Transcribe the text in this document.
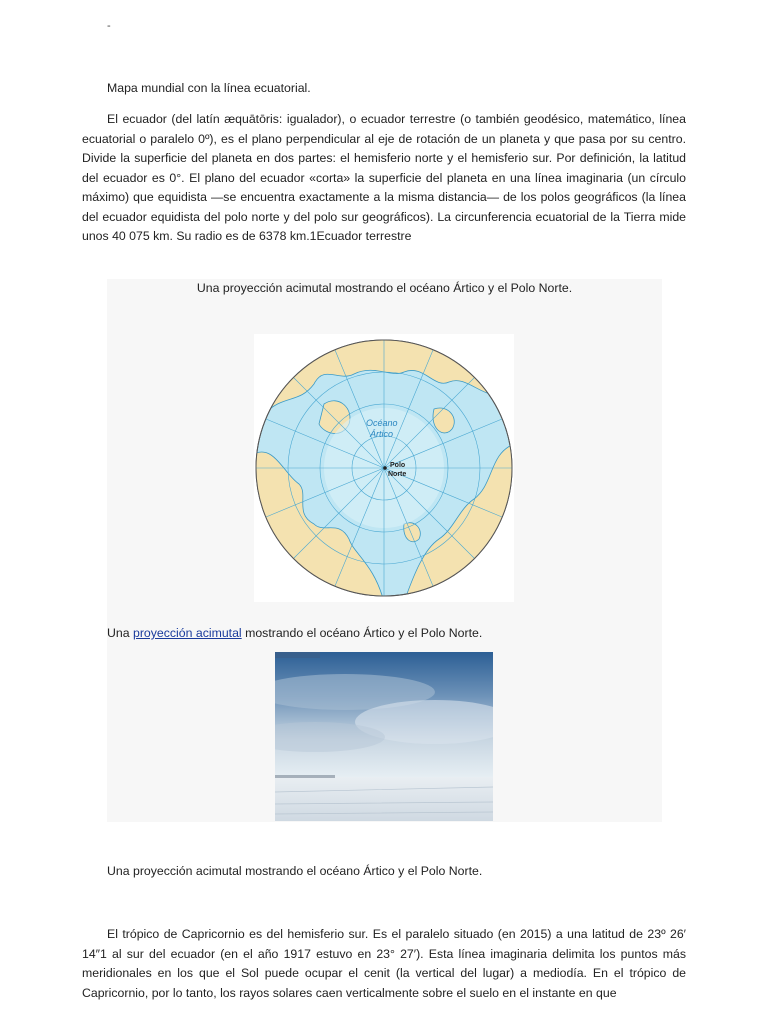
-

Mapa mundial con la línea ecuatorial.

El ecuador (del latín æquātōris: igualador), o ecuador terrestre (o también geodésico, matemático, línea ecuatorial o paralelo 0º), es el plano perpendicular al eje de rotación de un planeta y que pasa por su centro. Divide la superficie del planeta en dos partes: el hemisferio norte y el hemisferio sur. Por definición, la latitud del ecuador es 0°. El plano del ecuador «corta» la superficie del planeta en una línea imaginaria (un círculo máximo) que equidista —se encuentra exactamente a la misma distancia— de los polos geográficos (la línea del ecuador equidista del polo norte y del polo sur geográficos). La circunferencia ecuatorial de la Tierra mide unos 40 075 km. Su radio es de 6378 km.1Ecuador terrestre

Una proyección acimutal mostrando el océano Ártico y el Polo Norte.
Océano
Ártico
Polo
Norte
Una proyección acimutal mostrando el océano Ártico y el Polo Norte.
Una proyección acimutal mostrando el océano Ártico y el Polo Norte.

El trópico de Capricornio es del hemisferio sur. Es el paralelo situado (en 2015) a una latitud de 23º 26′ 14″1 al sur del ecuador (en el año 1917 estuvo en 23° 27′). Esta línea imaginaria delimita los puntos más meridionales en los que el Sol puede ocupar el cenit (la vertical del lugar) a mediodía. En el trópico de Capricornio, por lo tanto, los rayos solares caen verticalmente sobre el suelo en el instante en que
